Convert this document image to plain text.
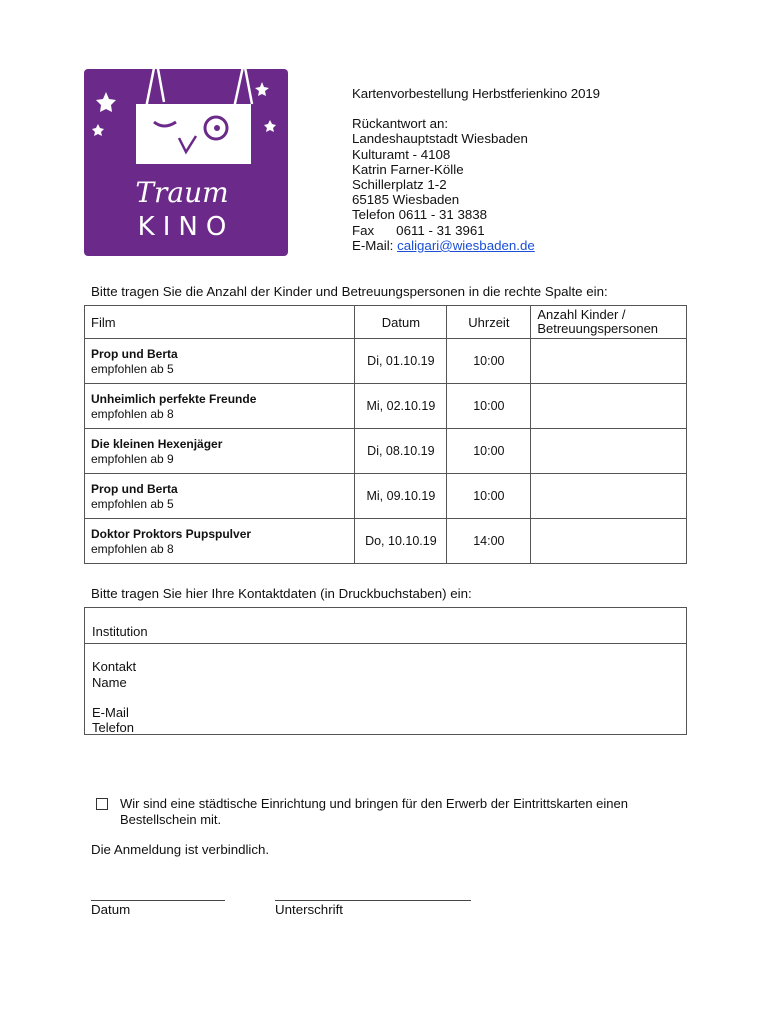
Traum
KINO
Kartenvorbestellung Herbstferienkino 2019
Rückantwort an:
Landeshauptstadt Wiesbaden
Kulturamt - 4108
Katrin Farner-Kölle
Schillerplatz 1-2
65185 Wiesbaden
Telefon 0611 - 31 3838
Fax 0611 - 31 3961
E-Mail: caligari@wiesbaden.de
Bitte tragen Sie die Anzahl der Kinder und Betreuungspersonen in die rechte Spalte ein:
Film	Datum	Uhrzeit	Anzahl Kinder /
Betreuungspersonen

Prop und Berta
empfohlen ab 5	Di, 01.10.19	10:00	

Unheimlich perfekte Freunde
empfohlen ab 8	Mi, 02.10.19	10:00	

Die kleinen Hexenjäger
empfohlen ab 9	Di, 08.10.19	10:00	

Prop und Berta
empfohlen ab 5	Mi, 09.10.19	10:00	

Doktor Proktors Pupspulver
empfohlen ab 8	Do, 10.10.19	14:00	
Bitte tragen Sie hier Ihre Kontaktdaten (in Druckbuchstaben) ein:
Institution
Kontakt
Name
E-Mail
Telefon
Wir sind eine städtische Einrichtung und bringen für den Erwerb der Eintrittskarten einen Bestellschein mit.
Die Anmeldung ist verbindlich.
Datum	Unterschrift
